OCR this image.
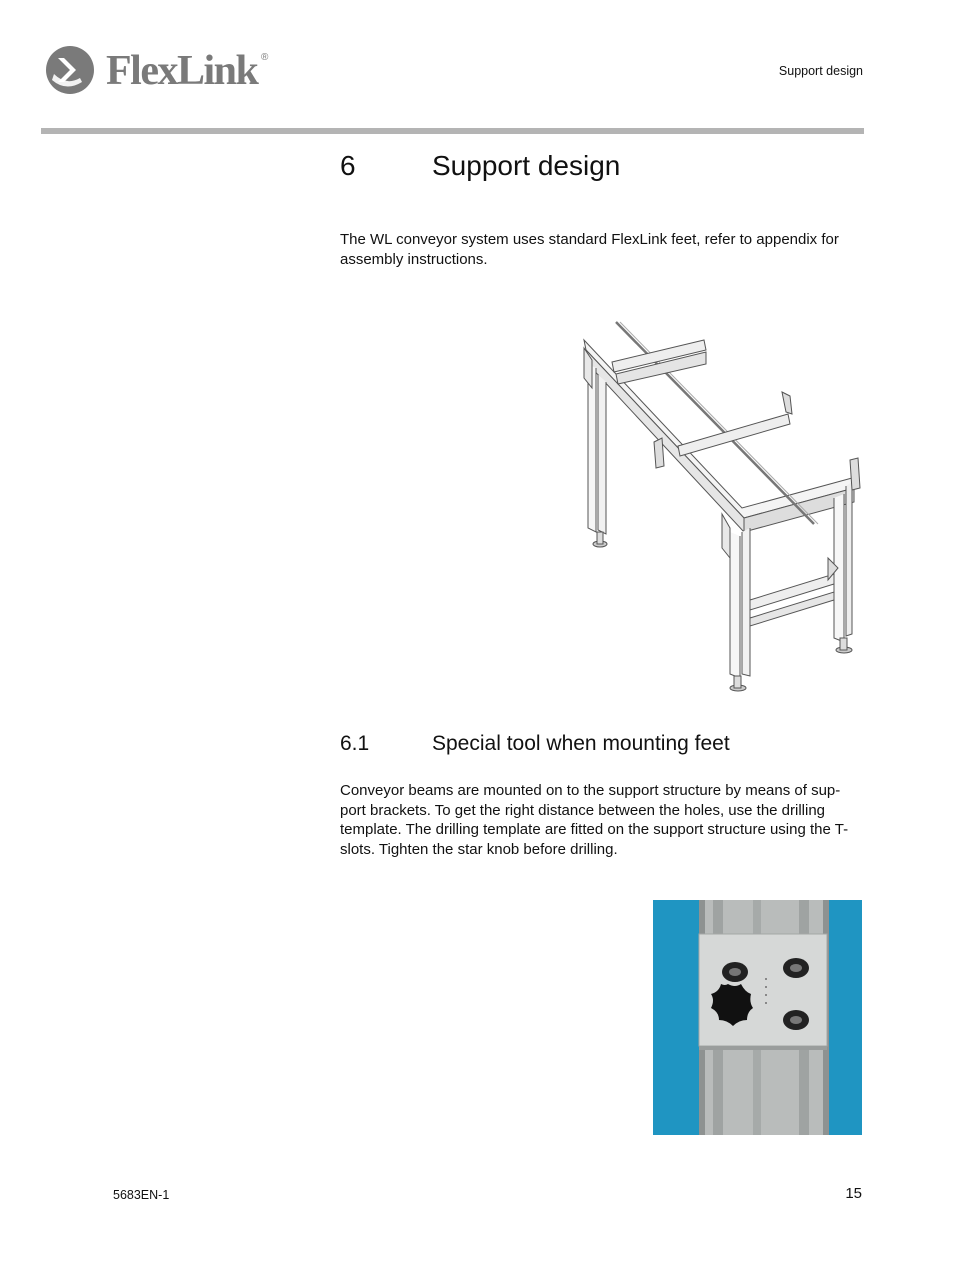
FlexLink ®
Support design
6	Support design
The WL conveyor system uses standard FlexLink feet, refer to appendix for assembly instructions.
6.1	Special tool when mounting feet
Conveyor beams are mounted on to the support structure by means of sup-port brackets. To get the right distance between the holes, use the drilling template. The drilling template are fitted on the support structure using the T-slots. Tighten the star knob before drilling.
5683EN-1	15
